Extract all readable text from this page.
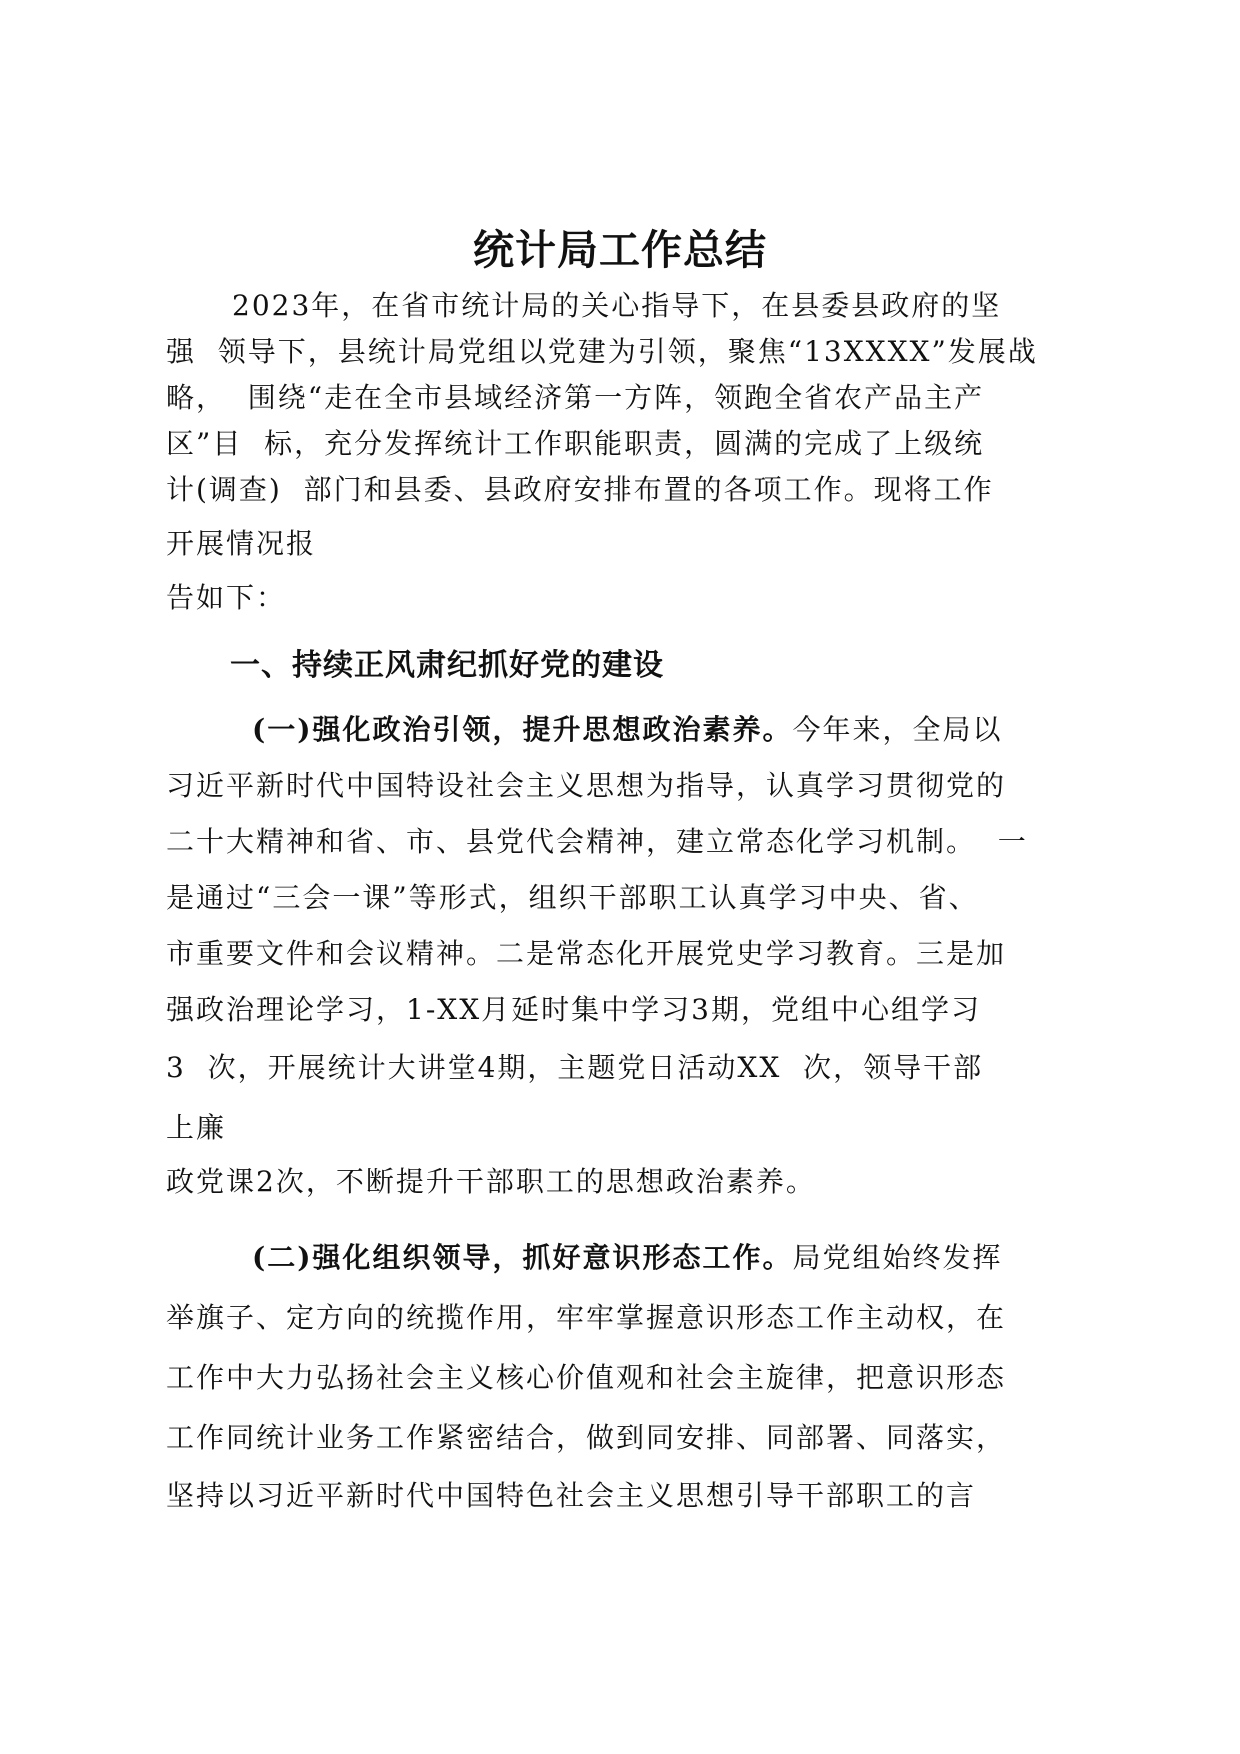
统计局工作总结
2023年，在省市统计局的关心指导下，在县委县政府的坚
强  领导下，县统计局党组以党建为引领，聚焦“13XXXX”发展战
略，  围绕“走在全市县域经济第一方阵，领跑全省农产品主产
区”目  标，充分发挥统计工作职能职责，圆满的完成了上级统
计(调查)  部门和县委、县政府安排布置的各项工作。现将工作
开展情况报
告如下：
一、持续正风肃纪抓好党的建设
(一)强化政治引领，提升思想政治素养。今年来，全局以
习近平新时代中国特设社会主义思想为指导，认真学习贯彻党的
二十大精神和省、市、县党代会精神，建立常态化学习机制。  一
是通过“三会一课”等形式，组织干部职工认真学习中央、省、
市重要文件和会议精神。二是常态化开展党史学习教育。三是加
强政治理论学习，1-XX月延时集中学习3期，党组中心组学习
3  次，开展统计大讲堂4期，主题党日活动XX  次，领导干部
上廉
政党课2次，不断提升干部职工的思想政治素养。
(二)强化组织领导，抓好意识形态工作。局党组始终发挥
举旗子、定方向的统揽作用，牢牢掌握意识形态工作主动权，在
工作中大力弘扬社会主义核心价值观和社会主旋律，把意识形态
工作同统计业务工作紧密结合，做到同安排、同部署、同落实，
坚持以习近平新时代中国特色社会主义思想引导干部职工的言
